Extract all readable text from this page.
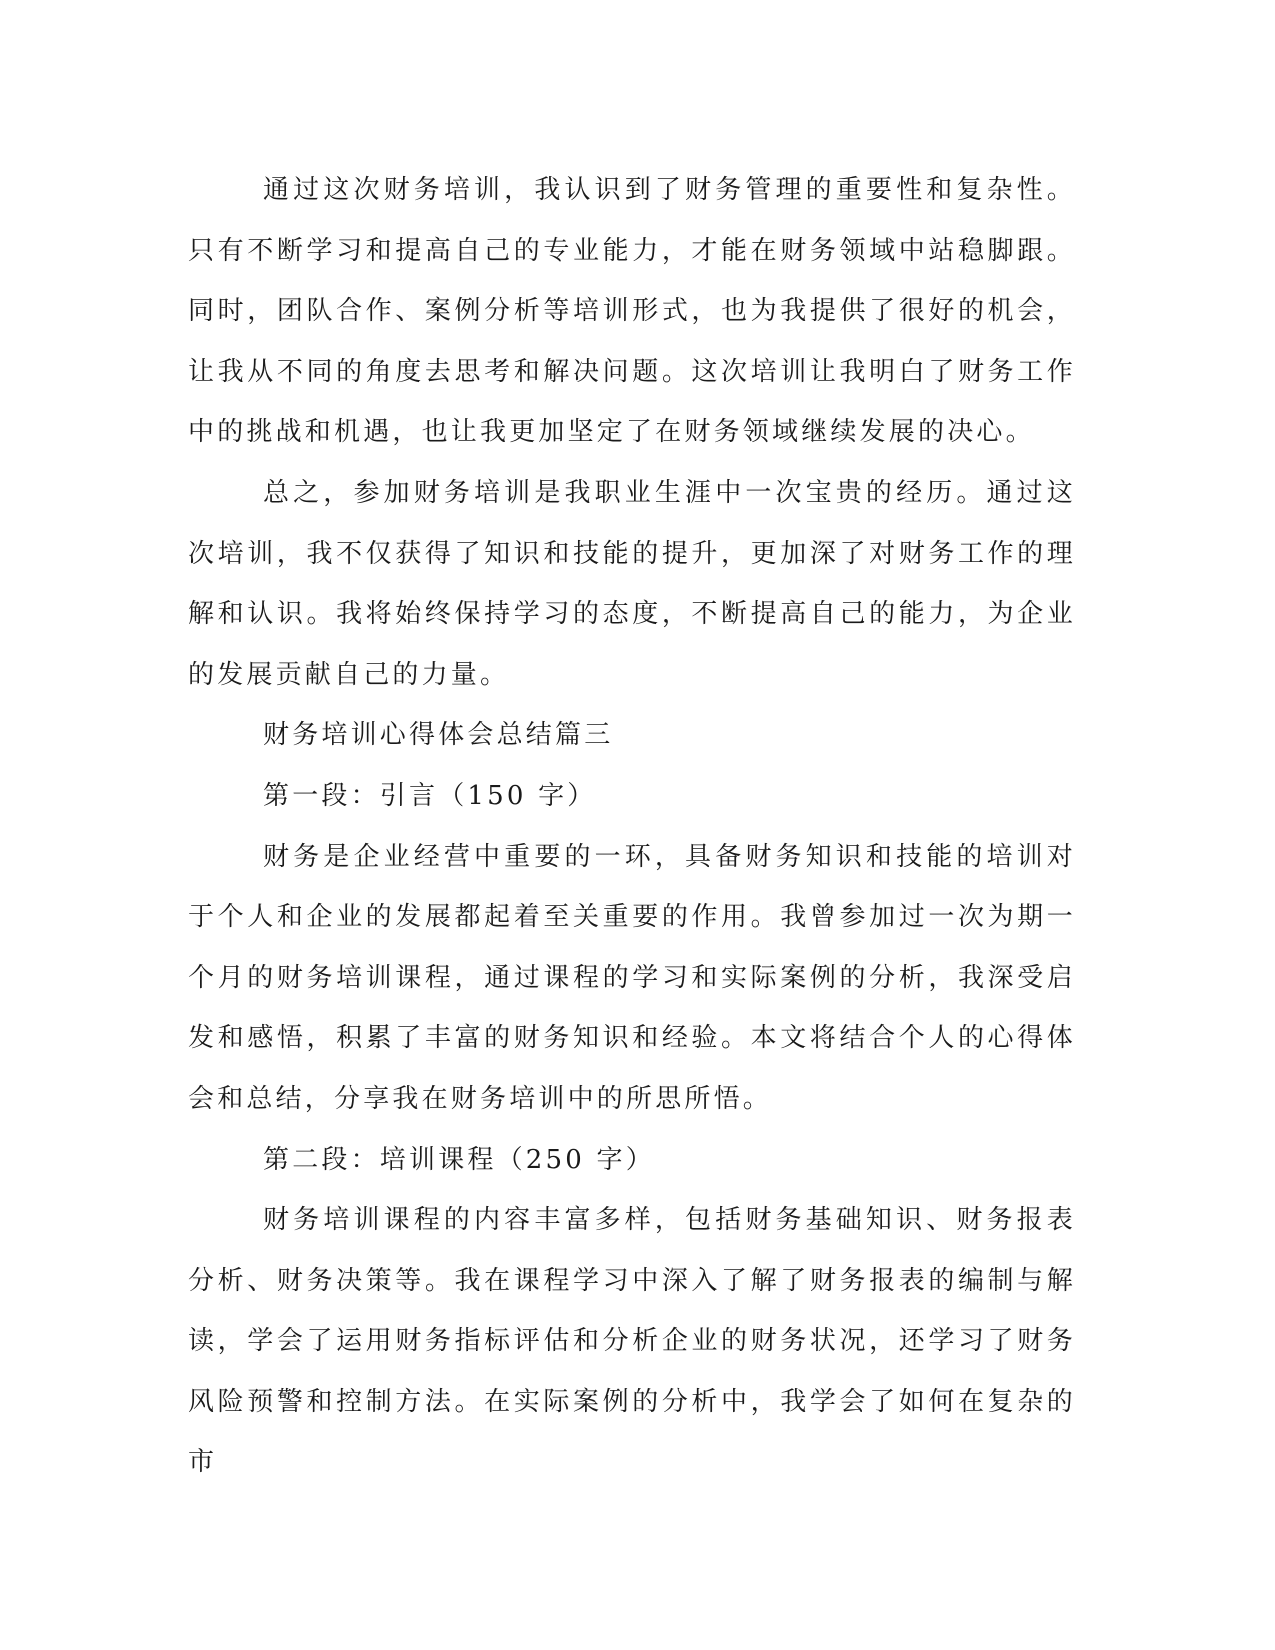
通过这次财务培训，我认识到了财务管理的重要性和复杂性。只有不断学习和提高自己的专业能力，才能在财务领域中站稳脚跟。同时，团队合作、案例分析等培训形式，也为我提供了很好的机会，让我从不同的角度去思考和解决问题。这次培训让我明白了财务工作中的挑战和机遇，也让我更加坚定了在财务领域继续发展的决心。

总之，参加财务培训是我职业生涯中一次宝贵的经历。通过这次培训，我不仅获得了知识和技能的提升，更加深了对财务工作的理解和认识。我将始终保持学习的态度，不断提高自己的能力，为企业的发展贡献自己的力量。

财务培训心得体会总结篇三

第一段：引言（150 字）

财务是企业经营中重要的一环，具备财务知识和技能的培训对于个人和企业的发展都起着至关重要的作用。我曾参加过一次为期一个月的财务培训课程，通过课程的学习和实际案例的分析，我深受启发和感悟，积累了丰富的财务知识和经验。本文将结合个人的心得体会和总结，分享我在财务培训中的所思所悟。

第二段：培训课程（250 字）

财务培训课程的内容丰富多样，包括财务基础知识、财务报表分析、财务决策等。我在课程学习中深入了解了财务报表的编制与解读，学会了运用财务指标评估和分析企业的财务状况，还学习了财务风险预警和控制方法。在实际案例的分析中，我学会了如何在复杂的市
